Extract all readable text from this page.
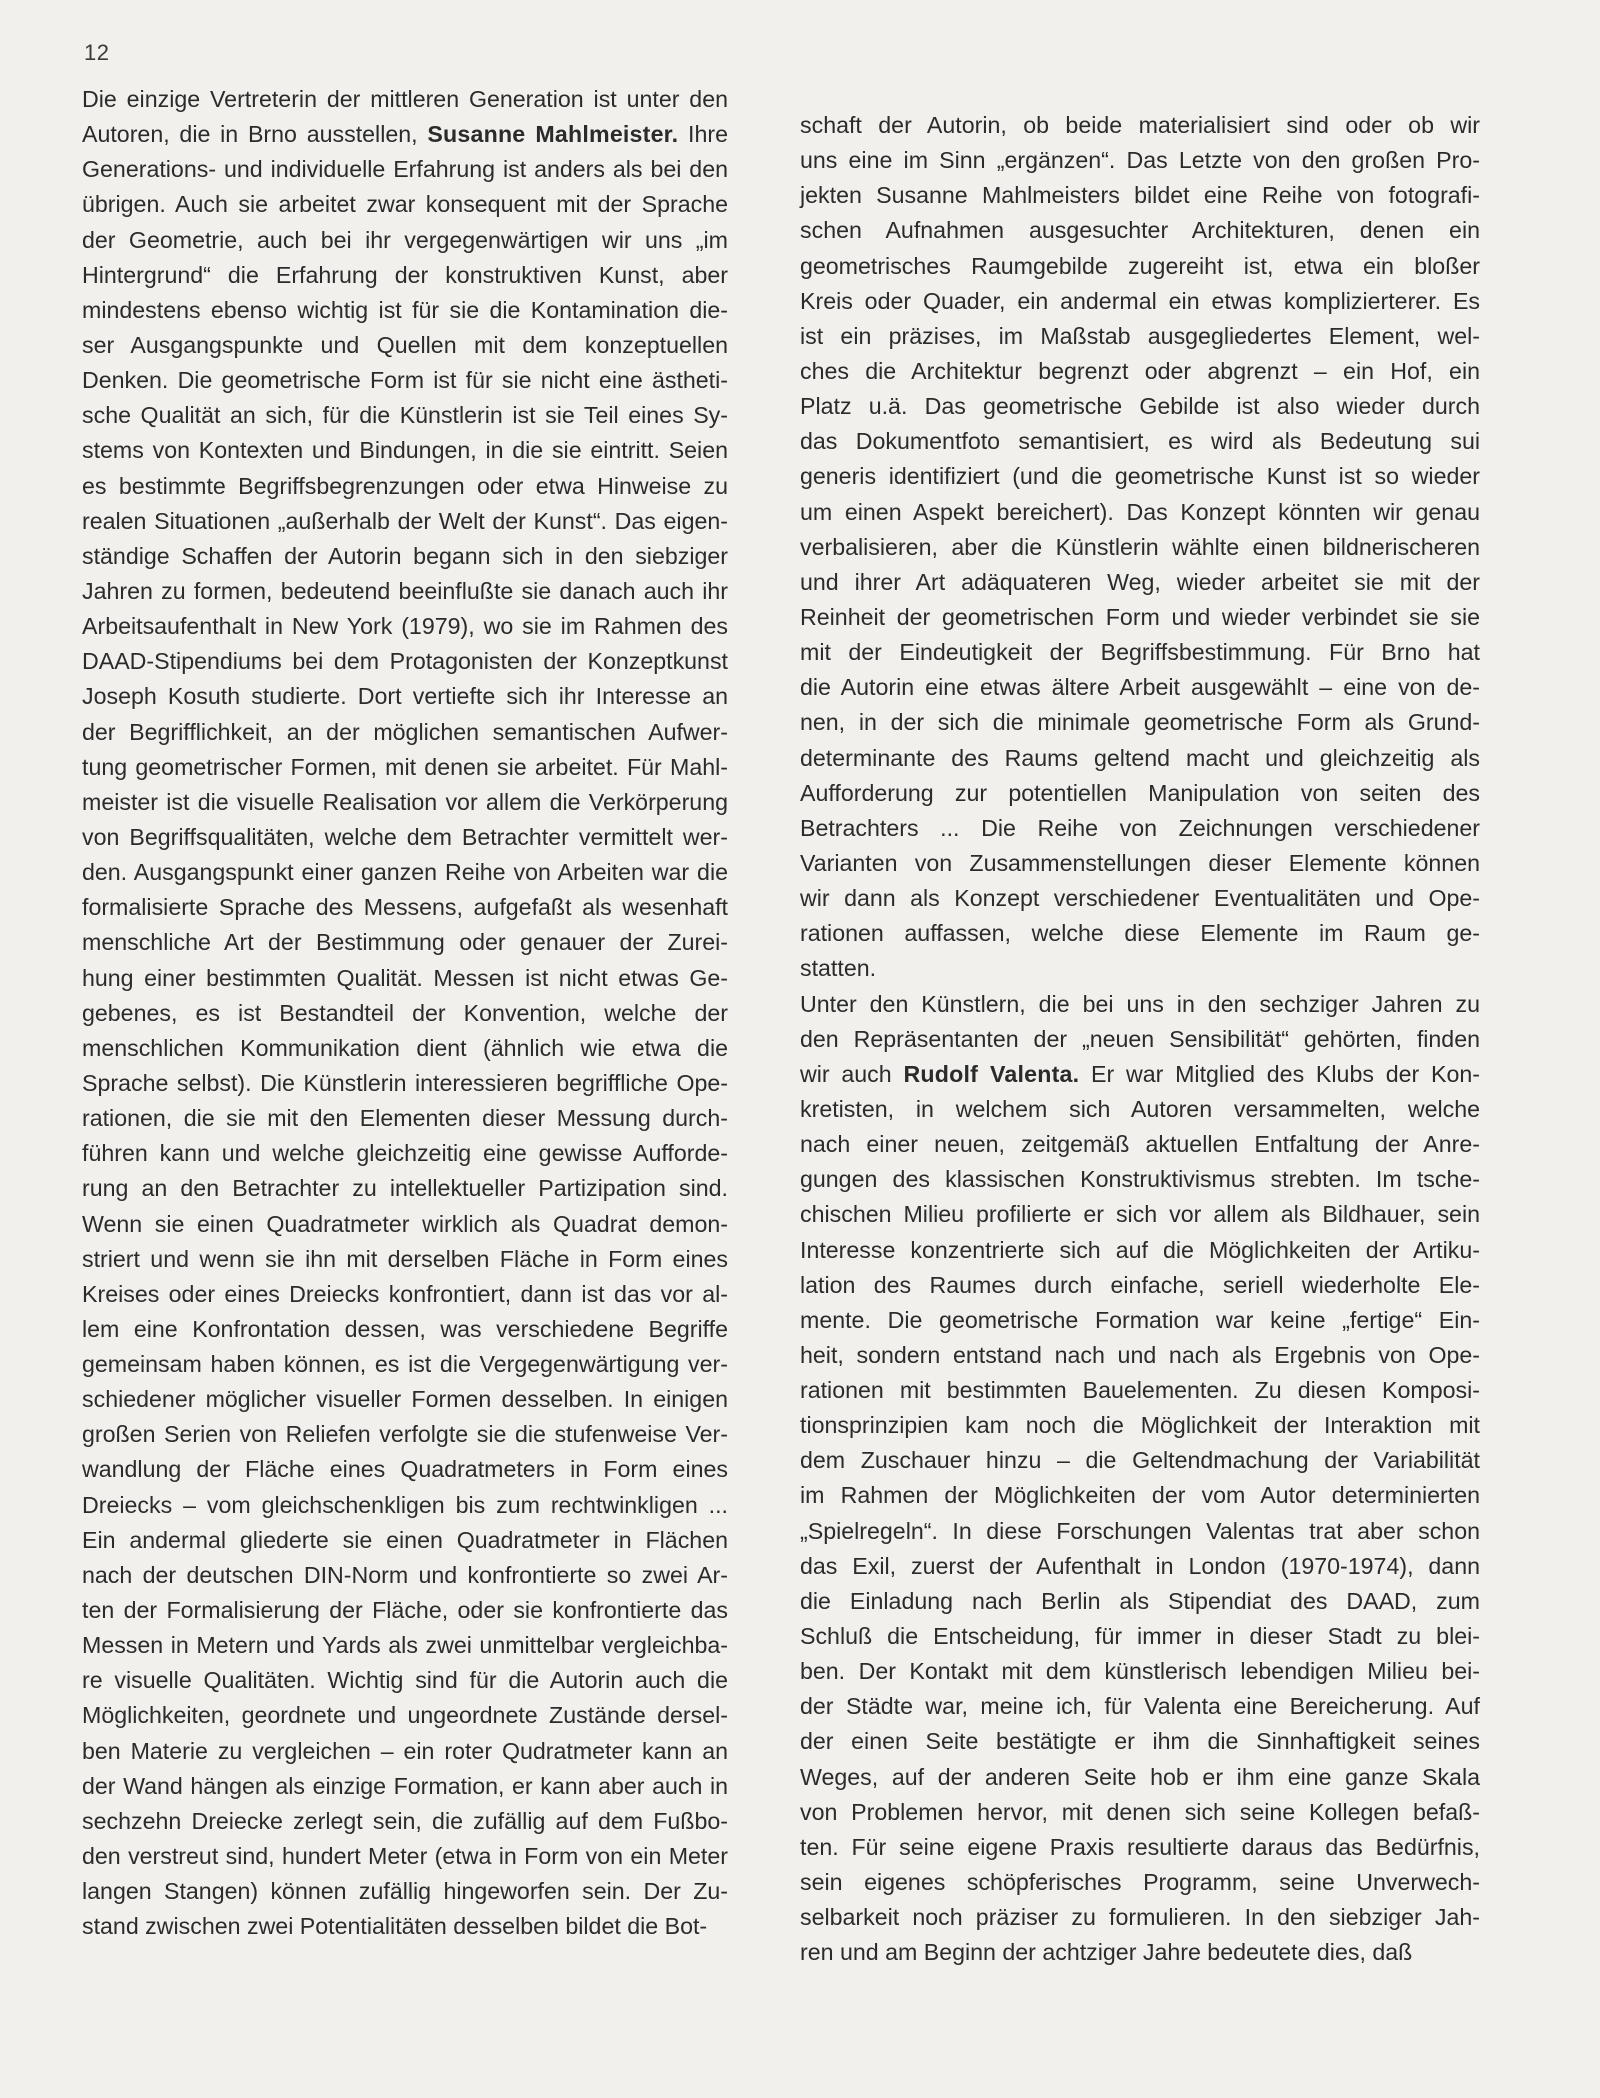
12
Die einzige Vertreterin der mittleren Generation ist unter den
Autoren, die in Brno ausstellen, Susanne Mahlmeister. Ihre
Generations- und individuelle Erfahrung ist anders als bei den
übrigen. Auch sie arbeitet zwar konsequent mit der Sprache
der Geometrie, auch bei ihr vergegenwärtigen wir uns „im
Hintergrund“ die Erfahrung der konstruktiven Kunst, aber
mindestens ebenso wichtig ist für sie die Kontamination die-
ser Ausgangspunkte und Quellen mit dem konzeptuellen
Denken. Die geometrische Form ist für sie nicht eine ästheti-
sche Qualität an sich, für die Künstlerin ist sie Teil eines Sy-
stems von Kontexten und Bindungen, in die sie eintritt. Seien
es bestimmte Begriffsbegrenzungen oder etwa Hinweise zu
realen Situationen „außerhalb der Welt der Kunst“. Das eigen-
ständige Schaffen der Autorin begann sich in den siebziger
Jahren zu formen, bedeutend beeinflußte sie danach auch ihr
Arbeitsaufenthalt in New York (1979), wo sie im Rahmen des
DAAD-Stipendiums bei dem Protagonisten der Konzeptkunst
Joseph Kosuth studierte. Dort vertiefte sich ihr Interesse an
der Begrifflichkeit, an der möglichen semantischen Aufwer-
tung geometrischer Formen, mit denen sie arbeitet. Für Mahl-
meister ist die visuelle Realisation vor allem die Verkörperung
von Begriffsqualitäten, welche dem Betrachter vermittelt wer-
den. Ausgangspunkt einer ganzen Reihe von Arbeiten war die
formalisierte Sprache des Messens, aufgefaßt als wesenhaft
menschliche Art der Bestimmung oder genauer der Zurei-
hung einer bestimmten Qualität. Messen ist nicht etwas Ge-
gebenes, es ist Bestandteil der Konvention, welche der
menschlichen Kommunikation dient (ähnlich wie etwa die
Sprache selbst). Die Künstlerin interessieren begriffliche Ope-
rationen, die sie mit den Elementen dieser Messung durch-
führen kann und welche gleichzeitig eine gewisse Aufforde-
rung an den Betrachter zu intellektueller Partizipation sind.
Wenn sie einen Quadratmeter wirklich als Quadrat demon-
striert und wenn sie ihn mit derselben Fläche in Form eines
Kreises oder eines Dreiecks konfrontiert, dann ist das vor al-
lem eine Konfrontation dessen, was verschiedene Begriffe
gemeinsam haben können, es ist die Vergegenwärtigung ver-
schiedener möglicher visueller Formen desselben. In einigen
großen Serien von Reliefen verfolgte sie die stufenweise Ver-
wandlung der Fläche eines Quadratmeters in Form eines
Dreiecks – vom gleichschenkligen bis zum rechtwinkligen ...
Ein andermal gliederte sie einen Quadratmeter in Flächen
nach der deutschen DIN-Norm und konfrontierte so zwei Ar-
ten der Formalisierung der Fläche, oder sie konfrontierte das
Messen in Metern und Yards als zwei unmittelbar vergleichba-
re visuelle Qualitäten. Wichtig sind für die Autorin auch die
Möglichkeiten, geordnete und ungeordnete Zustände dersel-
ben Materie zu vergleichen – ein roter Qudratmeter kann an
der Wand hängen als einzige Formation, er kann aber auch in
sechzehn Dreiecke zerlegt sein, die zufällig auf dem Fußbo-
den verstreut sind, hundert Meter (etwa in Form von ein Meter
langen Stangen) können zufällig hingeworfen sein. Der Zu-
stand zwischen zwei Potentialitäten desselben bildet die Bot-
schaft der Autorin, ob beide materialisiert sind oder ob wir
uns eine im Sinn „ergänzen“. Das Letzte von den großen Pro-
jekten Susanne Mahlmeisters bildet eine Reihe von fotografi-
schen Aufnahmen ausgesuchter Architekturen, denen ein
geometrisches Raumgebilde zugereiht ist, etwa ein bloßer
Kreis oder Quader, ein andermal ein etwas komplizierterer. Es
ist ein präzises, im Maßstab ausgegliedertes Element, wel-
ches die Architektur begrenzt oder abgrenzt – ein Hof, ein
Platz u.ä. Das geometrische Gebilde ist also wieder durch
das Dokumentfoto semantisiert, es wird als Bedeutung sui
generis identifiziert (und die geometrische Kunst ist so wieder
um einen Aspekt bereichert). Das Konzept könnten wir genau
verbalisieren, aber die Künstlerin wählte einen bildnerischeren
und ihrer Art adäquateren Weg, wieder arbeitet sie mit der
Reinheit der geometrischen Form und wieder verbindet sie sie
mit der Eindeutigkeit der Begriffsbestimmung. Für Brno hat
die Autorin eine etwas ältere Arbeit ausgewählt – eine von de-
nen, in der sich die minimale geometrische Form als Grund-
determinante des Raums geltend macht und gleichzeitig als
Aufforderung zur potentiellen Manipulation von seiten des
Betrachters ... Die Reihe von Zeichnungen verschiedener
Varianten von Zusammenstellungen dieser Elemente können
wir dann als Konzept verschiedener Eventualitäten und Ope-
rationen auffassen, welche diese Elemente im Raum ge-
statten.
Unter den Künstlern, die bei uns in den sechziger Jahren zu
den Repräsentanten der „neuen Sensibilität“ gehörten, finden
wir auch Rudolf Valenta. Er war Mitglied des Klubs der Kon-
kretisten, in welchem sich Autoren versammelten, welche
nach einer neuen, zeitgemäß aktuellen Entfaltung der Anre-
gungen des klassischen Konstruktivismus strebten. Im tsche-
chischen Milieu profilierte er sich vor allem als Bildhauer, sein
Interesse konzentrierte sich auf die Möglichkeiten der Artiku-
lation des Raumes durch einfache, seriell wiederholte Ele-
mente. Die geometrische Formation war keine „fertige“ Ein-
heit, sondern entstand nach und nach als Ergebnis von Ope-
rationen mit bestimmten Bauelementen. Zu diesen Komposi-
tionsprinzipien kam noch die Möglichkeit der Interaktion mit
dem Zuschauer hinzu – die Geltendmachung der Variabilität
im Rahmen der Möglichkeiten der vom Autor determinierten
„Spielregeln“. In diese Forschungen Valentas trat aber schon
das Exil, zuerst der Aufenthalt in London (1970-1974), dann
die Einladung nach Berlin als Stipendiat des DAAD, zum
Schluß die Entscheidung, für immer in dieser Stadt zu blei-
ben. Der Kontakt mit dem künstlerisch lebendigen Milieu bei-
der Städte war, meine ich, für Valenta eine Bereicherung. Auf
der einen Seite bestätigte er ihm die Sinnhaftigkeit seines
Weges, auf der anderen Seite hob er ihm eine ganze Skala
von Problemen hervor, mit denen sich seine Kollegen befaß-
ten. Für seine eigene Praxis resultierte daraus das Bedürfnis,
sein eigenes schöpferisches Programm, seine Unverwech-
selbarkeit noch präziser zu formulieren. In den siebziger Jah-
ren und am Beginn der achtziger Jahre bedeutete dies, daß
